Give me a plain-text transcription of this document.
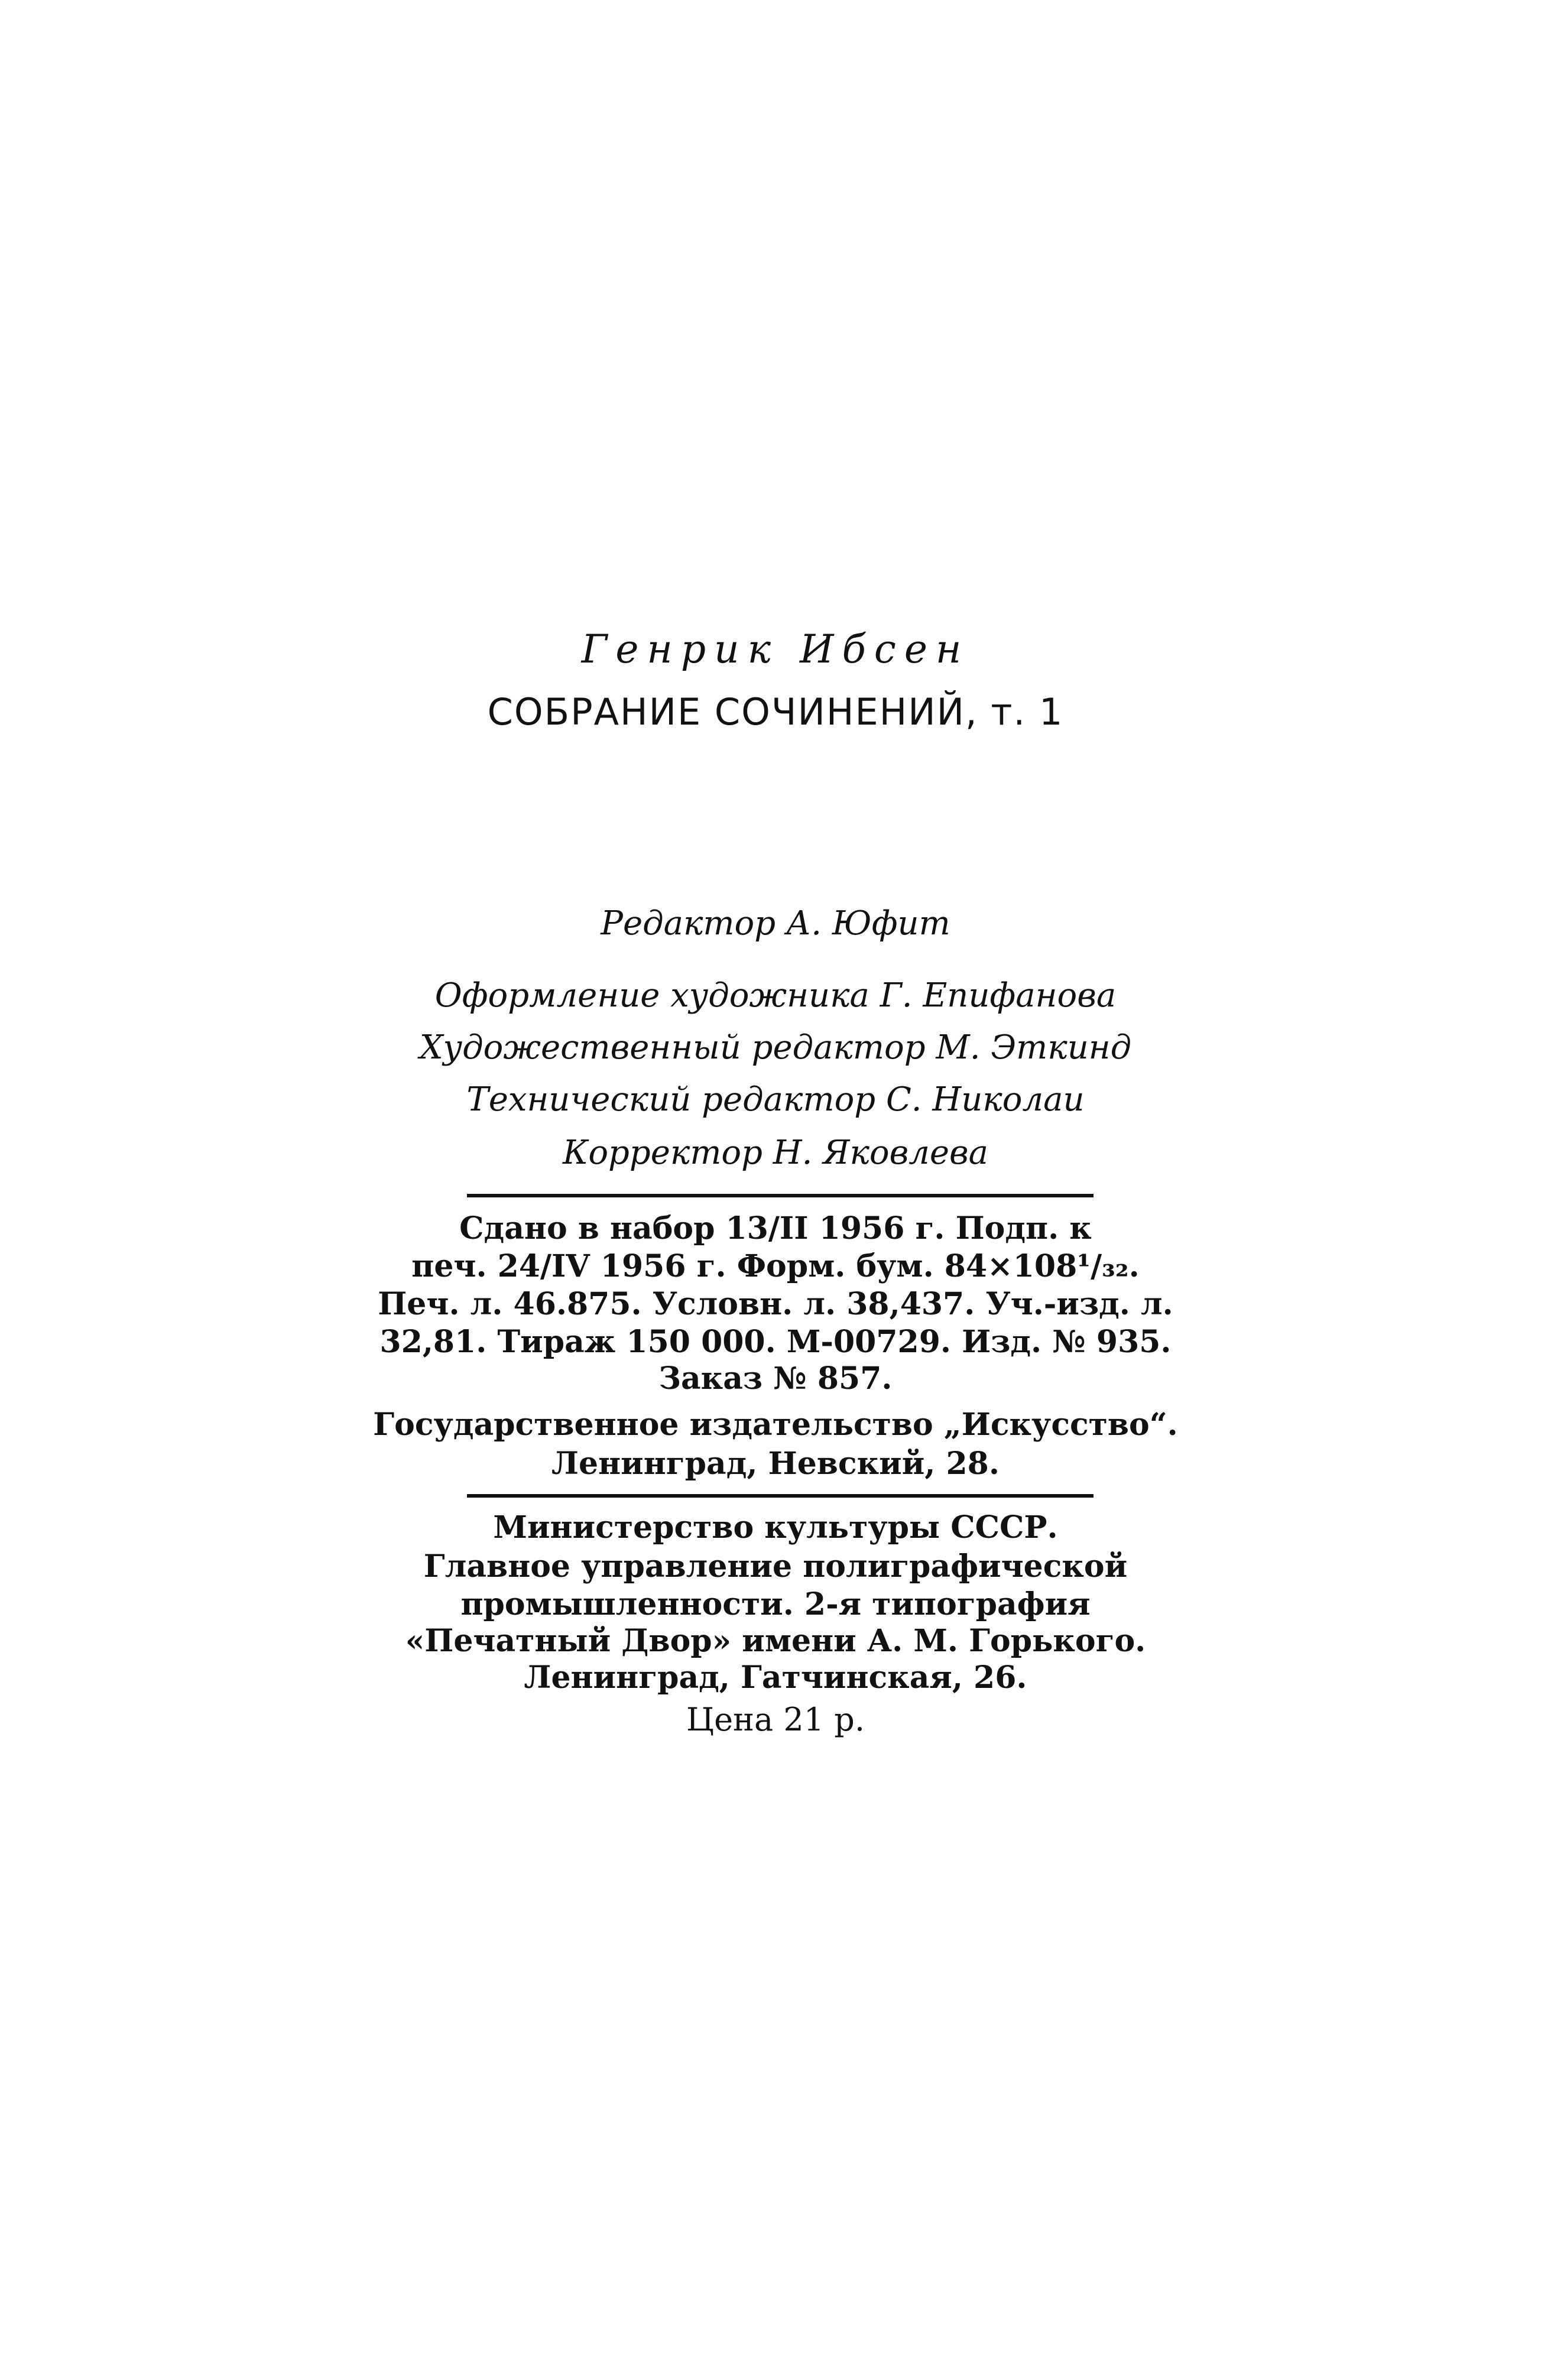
Генрик Ибсен
СОБРАНИЕ СОЧИНЕНИЙ, т. 1
Редактор А. Юфит
Оформление художника Г. Епифанова
Художественный редактор М. Эткинд
Технический редактор С. Николаи
Корректор Н. Яковлева
Сдано в набор 13/II 1956 г. Подп. к
печ. 24/IV 1956 г. Форм. бум. 84×108¹/₃₂.
Печ. л. 46.875. Условн. л. 38,437. Уч.-изд. л.
32,81. Тираж 150 000. М-00729. Изд. № 935.
Заказ № 857.
Государственное издательство „Искусство“.
Ленинград, Невский, 28.
Министерство культуры СССР.
Главное управление полиграфической
промышленности. 2-я типография
«Печатный Двор» имени А. М. Горького.
Ленинград, Гатчинская, 26.
Цена 21 р.
